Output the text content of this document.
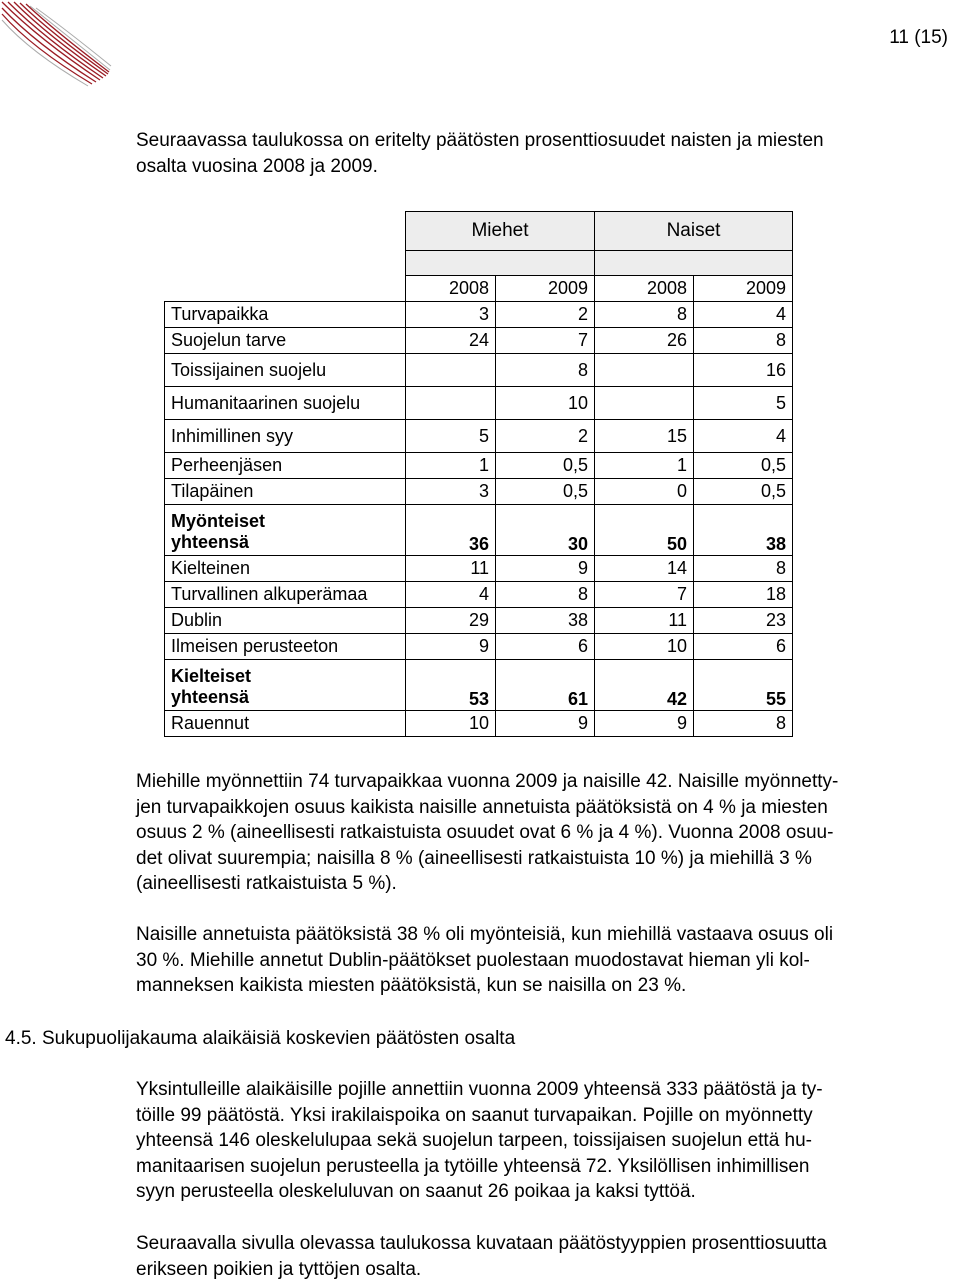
11 (15)

Seuraavassa taulukossa on eritelty päätösten prosenttiosuudet naisten ja miesten
osalta vuosina 2008 ja 2009.

	Miehet		Naiset	

	2008	2009	2008	2009
Turvapaikka	3	2	8	4
Suojelun tarve	24	7	26	8
Toissijainen suojelu		8		16
Humanitaarinen suojelu		10		5
Inhimillinen syy	5	2	15	4
Perheenjäsen	1	0,5	1	0,5
Tilapäinen	3	0,5	0	0,5
Myönteiset
yhteensä	36	30	50	38
Kielteinen	11	9	14	8
Turvallinen alkuperämaa	4	8	7	18
Dublin	29	38	11	23
Ilmeisen perusteeton	9	6	10	6
Kielteiset
yhteensä	53	61	42	55
Rauennut	10	9	9	8

Miehille myönnettiin 74 turvapaikkaa vuonna 2009 ja naisille 42. Naisille myönnetty-
jen turvapaikkojen osuus kaikista naisille annetuista päätöksistä on 4 % ja miesten
osuus 2 % (aineellisesti ratkaistuista osuudet ovat 6 % ja 4 %). Vuonna 2008 osuu-
det olivat suurempia; naisilla 8 % (aineellisesti ratkaistuista 10 %) ja miehillä 3 %
(aineellisesti ratkaistuista 5 %).

Naisille annetuista päätöksistä 38 % oli myönteisiä, kun miehillä vastaava osuus oli
30 %. Miehille annetut Dublin-päätökset puolestaan muodostavat hieman yli kol-
manneksen kaikista miesten päätöksistä, kun se naisilla on 23 %.

4.5. Sukupuolijakauma alaikäisiä koskevien päätösten osalta

Yksintulleille alaikäisille pojille annettiin vuonna 2009 yhteensä 333 päätöstä ja ty-
töille 99 päätöstä. Yksi irakilaispoika on saanut turvapaikan. Pojille on myönnetty
yhteensä 146 oleskelulupaa sekä suojelun tarpeen, toissijaisen suojelun että hu-
manitaarisen suojelun perusteella ja tytöille yhteensä 72. Yksilöllisen inhimillisen
syyn perusteella oleskeluluvan on saanut 26 poikaa ja kaksi tyttöä.

Seuraavalla sivulla olevassa taulukossa kuvataan päätöstyyppien prosenttiosuutta
erikseen poikien ja tyttöjen osalta.
